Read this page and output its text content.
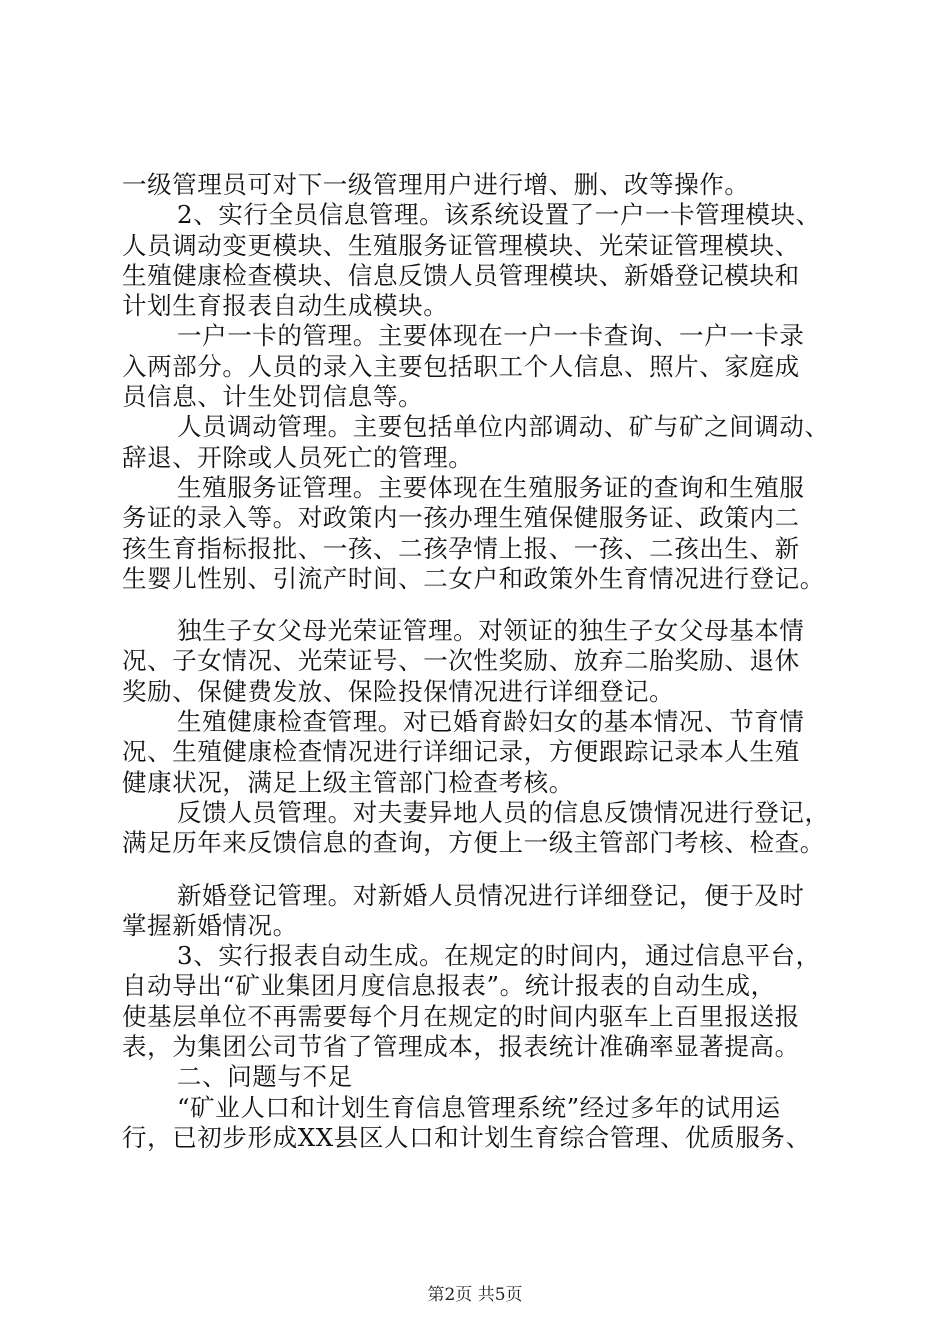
一级管理员可对下一级管理用户进行增、删、改等操作。
2、实行全员信息管理。该系统设置了一户一卡管理模块、
人员调动变更模块、生殖服务证管理模块、光荣证管理模块、
生殖健康检查模块、信息反馈人员管理模块、新婚登记模块和
计划生育报表自动生成模块。
一户一卡的管理。主要体现在一户一卡查询、一户一卡录
入两部分。人员的录入主要包括职工个人信息、照片、家庭成
员信息、计生处罚信息等。
人员调动管理。主要包括单位内部调动、矿与矿之间调动、
辞退、开除或人员死亡的管理。
生殖服务证管理。主要体现在生殖服务证的查询和生殖服
务证的录入等。对政策内一孩办理生殖保健服务证、政策内二
孩生育指标报批、一孩、二孩孕情上报、一孩、二孩出生、新
生婴儿性别、引流产时间、二女户和政策外生育情况进行登记。
独生子女父母光荣证管理。对领证的独生子女父母基本情
况、子女情况、光荣证号、一次性奖励、放弃二胎奖励、退休
奖励、保健费发放、保险投保情况进行详细登记。
生殖健康检查管理。对已婚育龄妇女的基本情况、节育情
况、生殖健康检查情况进行详细记录，方便跟踪记录本人生殖
健康状况，满足上级主管部门检查考核。
反馈人员管理。对夫妻异地人员的信息反馈情况进行登记，
满足历年来反馈信息的查询，方便上一级主管部门考核、检查。
新婚登记管理。对新婚人员情况进行详细登记，便于及时
掌握新婚情况。
3、实行报表自动生成。在规定的时间内，通过信息平台，
自动导出“矿业集团月度信息报表”。统计报表的自动生成，
使基层单位不再需要每个月在规定的时间内驱车上百里报送报
表，为集团公司节省了管理成本，报表统计准确率显著提高。
二、问题与不足
“矿业人口和计划生育信息管理系统”经过多年的试用运
行，已初步形成XX县区人口和计划生育综合管理、优质服务、
第2页 共5页
